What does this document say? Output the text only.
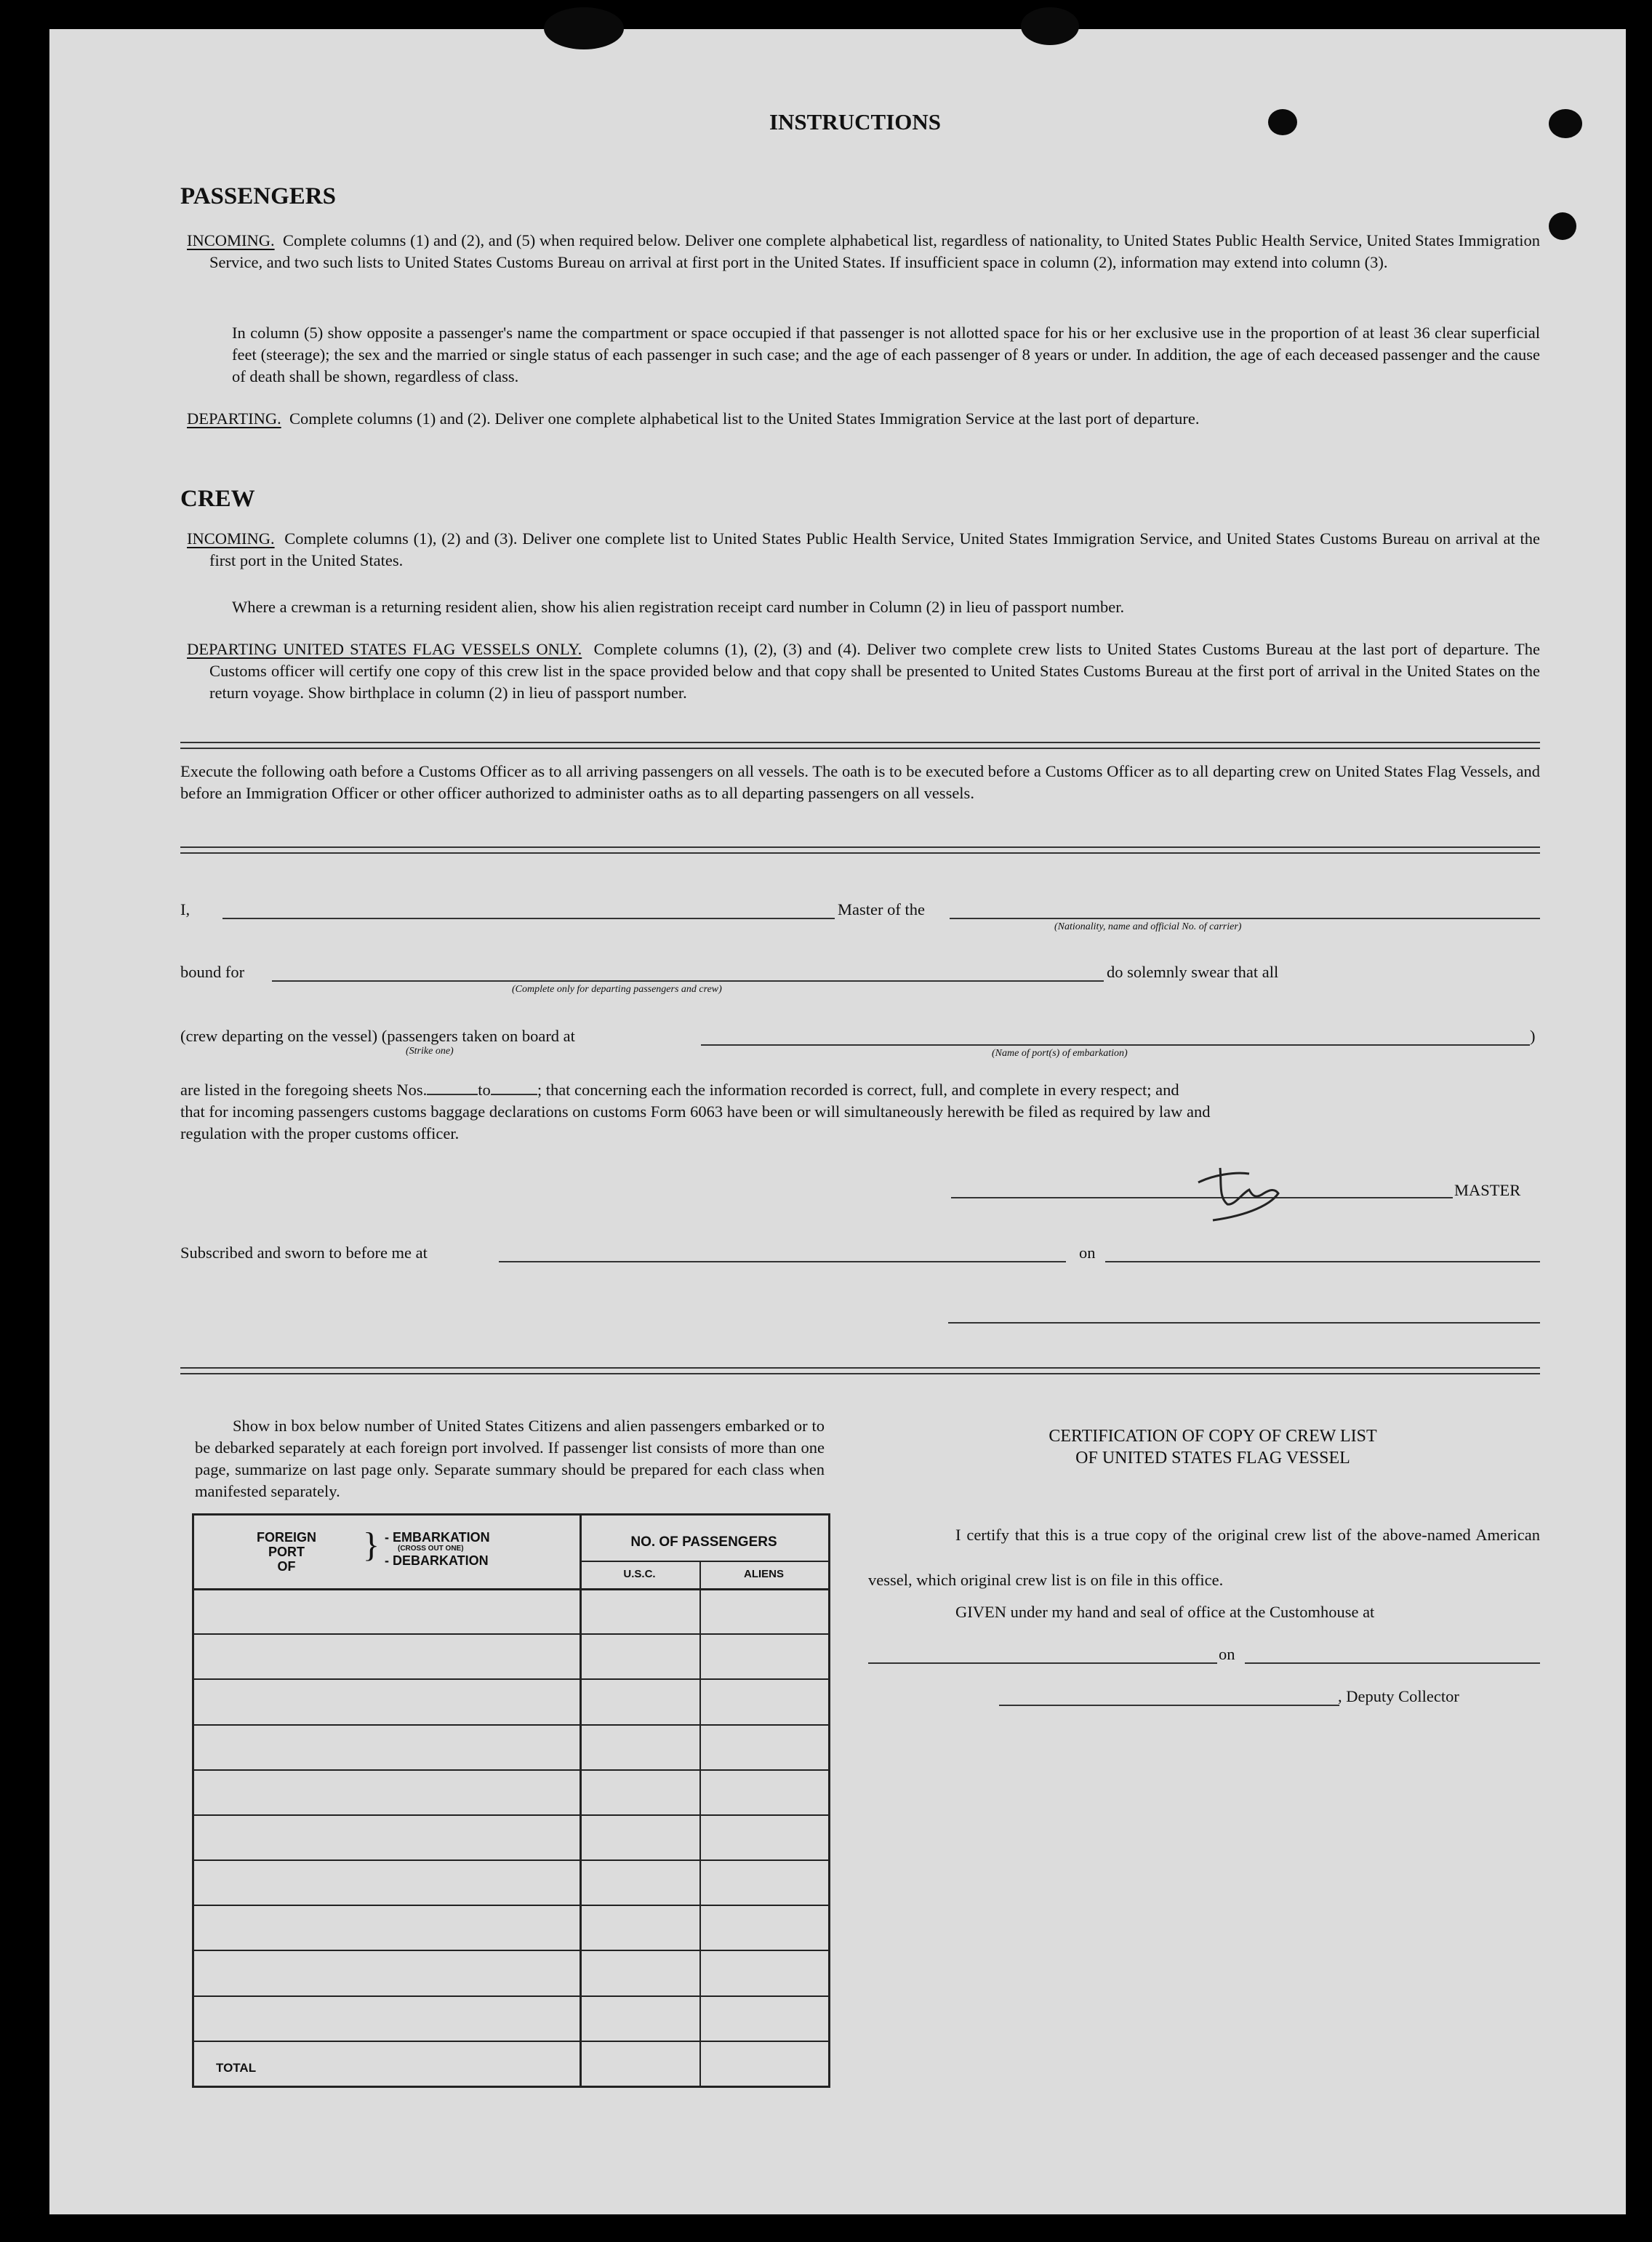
INSTRUCTIONS
PASSENGERS
INCOMING. Complete columns (1) and (2), and (5) when required below. Deliver one complete alphabetical list, regardless of nationality, to United States Public Health Service, United States Immigration Service, and two such lists to United States Customs Bureau on arrival at first port in the United States. If insufficient space in column (2), information may extend into column (3).
In column (5) show opposite a passenger's name the compartment or space occupied if that passenger is not allotted space for his or her exclusive use in the proportion of at least 36 clear superficial feet (steerage); the sex and the married or single status of each passenger in such case; and the age of each passenger of 8 years or under. In addition, the age of each deceased passenger and the cause of death shall be shown, regardless of class.
DEPARTING. Complete columns (1) and (2). Deliver one complete alphabetical list to the United States Immigration Service at the last port of departure.
CREW
INCOMING. Complete columns (1), (2) and (3). Deliver one complete list to United States Public Health Service, United States Immigration Service, and United States Customs Bureau on arrival at the first port in the United States.
Where a crewman is a returning resident alien, show his alien registration receipt card number in Column (2) in lieu of passport number.
DEPARTING UNITED STATES FLAG VESSELS ONLY. Complete columns (1), (2), (3) and (4). Deliver two complete crew lists to United States Customs Bureau at the last port of departure. The Customs officer will certify one copy of this crew list in the space provided below and that copy shall be presented to United States Customs Bureau at the first port of arrival in the United States on the return voyage. Show birthplace in column (2) in lieu of passport number.
Execute the following oath before a Customs Officer as to all arriving passengers on all vessels. The oath is to be executed before a Customs Officer as to all departing crew on United States Flag Vessels, and before an Immigration Officer or other officer authorized to administer oaths as to all departing passengers on all vessels.
I,	Master of the
(Nationality, name and official No. of carrier)
bound for
(Complete only for departing passengers and crew)
do solemnly swear that all
(crew departing on the vessel) (passengers taken on board at
(Strike one)
)
(Name of port(s) of embarkation)
are listed in the foregoing sheets Nos.	to	; that concerning each the information recorded is correct, full, and complete in every respect; and
that for incoming passengers customs baggage declarations on customs Form 6063 have been or will simultaneously herewith be filed as required by law and
regulation with the proper customs officer.
MASTER
Subscribed and sworn to before me at	on
Show in box below number of United States Citizens and alien passengers embarked or to be debarked separately at each foreign port involved. If passenger list consists of more than one page, summarize on last page only. Separate summary should be prepared for each class when manifested separately.
FOREIGN
PORT
OF
} - EMBARKATION
(CROSS OUT ONE)
- DEBARKATION
NO. OF PASSENGERS
U.S.C.	ALIENS
TOTAL
CERTIFICATION OF COPY OF CREW LIST
OF UNITED STATES FLAG VESSEL
I certify that this is a true copy of the original crew list of the above-named American vessel, which original crew list is on file in this office.
GIVEN under my hand and seal of office at the Customhouse at
on
, Deputy Collector
